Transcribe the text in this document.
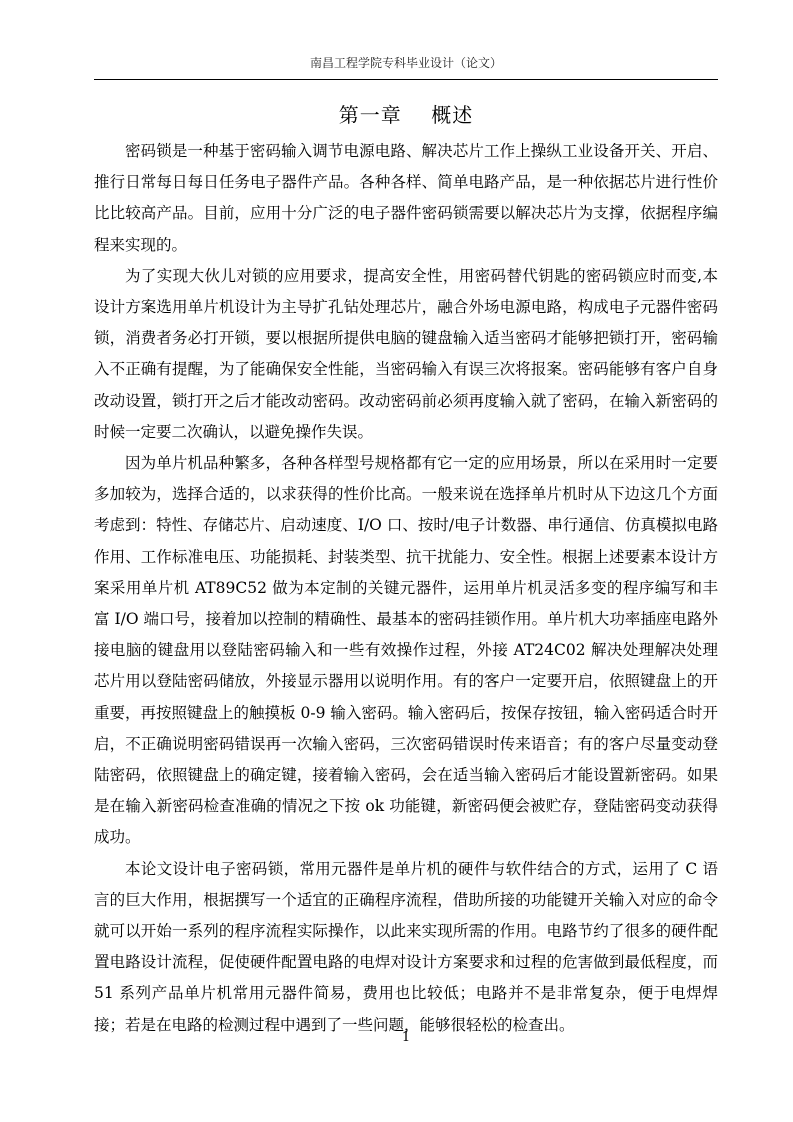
南昌工程学院专科毕业设计（论文）
第一章    概述

密码锁是一种基于密码输入调节电源电路、解决芯片工作上操纵工业设备开关、开启、推行日常每日每日任务电子器件产品。各种各样、简单电路产品，是一种依据芯片进行性价比比较高产品。目前，应用十分广泛的电子器件密码锁需要以解决芯片为支撑，依据程序编程来实现的。

为了实现大伙儿对锁的应用要求，提高安全性，用密码替代钥匙的密码锁应时而变,本设计方案选用单片机设计为主导扩孔钻处理芯片，融合外场电源电路，构成电子元器件密码锁，消费者务必打开锁，要以根据所提供电脑的键盘输入适当密码才能够把锁打开，密码输入不正确有提醒，为了能确保安全性能，当密码输入有误三次将报案。密码能够有客户自身改动设置，锁打开之后才能改动密码。改动密码前必须再度输入就了密码，在输入新密码的时候一定要二次确认，以避免操作失误。

因为单片机品种繁多，各种各样型号规格都有它一定的应用场景，所以在采用时一定要多加较为，选择合适的，以求获得的性价比高。一般来说在选择单片机时从下边这几个方面考虑到：特性、存储芯片、启动速度、I/O 口、按时/电子计数器、串行通信、仿真模拟电路作用、工作标准电压、功能损耗、封装类型、抗干扰能力、安全性。根据上述要素本设计方案采用单片机 AT89C52 做为本定制的关键元器件，运用单片机灵活多变的程序编写和丰富 I/O 端口号，接着加以控制的精确性、最基本的密码挂锁作用。单片机大功率插座电路外接电脑的键盘用以登陆密码输入和一些有效操作过程，外接 AT24C02 解决处理解决处理芯片用以登陆密码储放，外接显示器用以说明作用。有的客户一定要开启，依照键盘上的开重要，再按照键盘上的触摸板 0-9 输入密码。输入密码后，按保存按钮，输入密码适合时开启，不正确说明密码错误再一次输入密码，三次密码错误时传来语音；有的客户尽量变动登陆密码，依照键盘上的确定键，接着输入密码，会在适当输入密码后才能设置新密码。如果是在输入新密码检查准确的情况之下按 ok 功能键，新密码便会被贮存，登陆密码变动获得成功。

本论文设计电子密码锁，常用元器件是单片机的硬件与软件结合的方式，运用了 C 语言的巨大作用，根据撰写一个适宜的正确程序流程，借助所接的功能键开关输入对应的命令就可以开始一系列的程序流程实际操作，以此来实现所需的作用。电路节约了很多的硬件配置电路设计流程，促使硬件配置电路的电焊对设计方案要求和过程的危害做到最低程度，而 51 系列产品单片机常用元器件简易，费用也比较低；电路并不是非常复杂，便于电焊焊接；若是在电路的检测过程中遇到了一些问题，能够很轻松的检查出。

1
